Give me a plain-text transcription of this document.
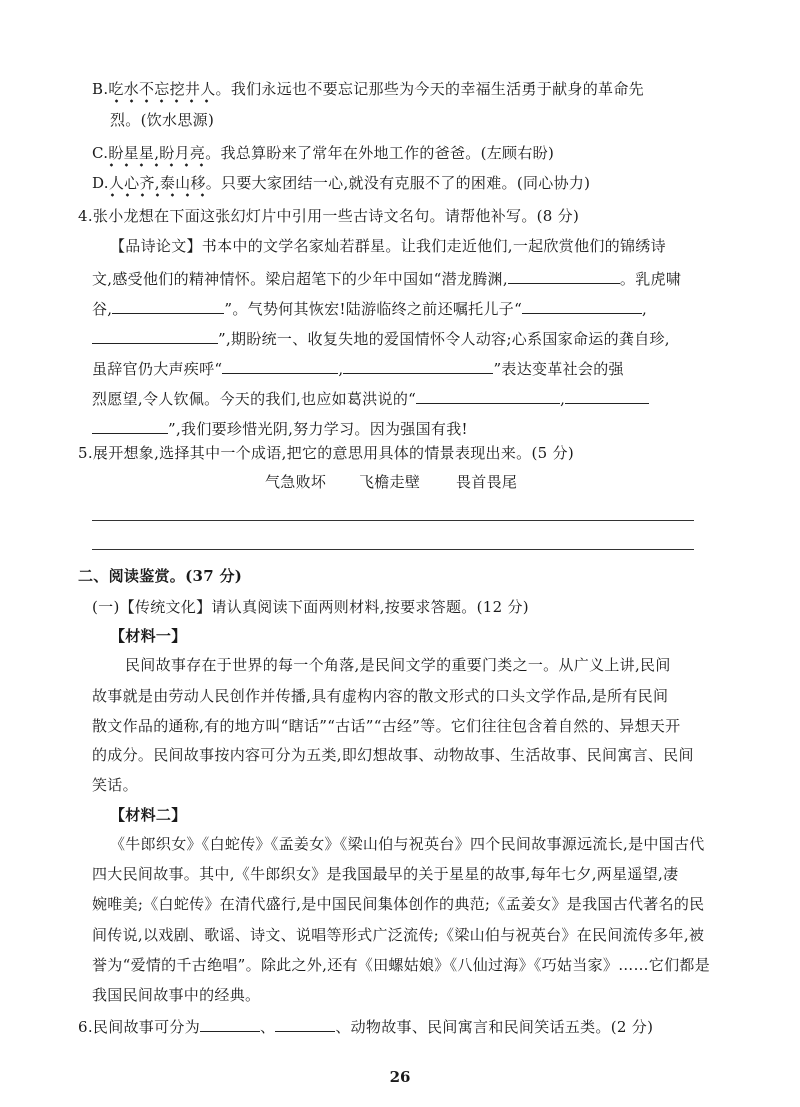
B.吃水不忘挖井人。我们永远也不要忘记那些为今天的幸福生活勇于献身的革命先
烈。(饮水思源)
C.盼星星,盼月亮。我总算盼来了常年在外地工作的爸爸。(左顾右盼)
D.人心齐,泰山移。只要大家团结一心,就没有克服不了的困难。(同心协力)
4.张小龙想在下面这张幻灯片中引用一些古诗文名句。请帮他补写。(8 分)
【品诗论文】书本中的文学名家灿若群星。让我们走近他们,一起欣赏他们的锦绣诗
文,感受他们的精神情怀。梁启超笔下的少年中国如“潜龙腾渊,	。乳虎啸
谷,	”。气势何其恢宏!陆游临终之前还嘱托儿子“	,
”,期盼统一、收复失地的爱国情怀令人动容;心系国家命运的龚自珍,
虽辞官仍大声疾呼“	,	”表达变革社会的强
烈愿望,令人钦佩。今天的我们,也应如葛洪说的“	,
”,我们要珍惜光阴,努力学习。因为强国有我!
5.展开想象,选择其中一个成语,把它的意思用具体的情景表现出来。(5 分)
气急败坏 飞檐走壁 畏首畏尾
二、阅读鉴赏。(37 分)
(一)【传统文化】请认真阅读下面两则材料,按要求答题。(12 分)
【材料一】
民间故事存在于世界的每一个角落,是民间文学的重要门类之一。从广义上讲,民间
故事就是由劳动人民创作并传播,具有虚构内容的散文形式的口头文学作品,是所有民间
散文作品的通称,有的地方叫“瞎话”“古话”“古经”等。它们往往包含着自然的、异想天开
的成分。民间故事按内容可分为五类,即幻想故事、动物故事、生活故事、民间寓言、民间
笑话。
【材料二】
《牛郎织女》《白蛇传》《孟姜女》《梁山伯与祝英台》四个民间故事源远流长,是中国古代
四大民间故事。其中,《牛郎织女》是我国最早的关于星星的故事,每年七夕,两星遥望,凄
婉唯美;《白蛇传》在清代盛行,是中国民间集体创作的典范;《孟姜女》是我国古代著名的民
间传说,以戏剧、歌谣、诗文、说唱等形式广泛流传;《梁山伯与祝英台》在民间流传多年,被
誉为“爱情的千古绝唱”。除此之外,还有《田螺姑娘》《八仙过海》《巧姑当家》……它们都是
我国民间故事中的经典。
6.民间故事可分为	、	、动物故事、民间寓言和民间笑话五类。(2 分)
26
